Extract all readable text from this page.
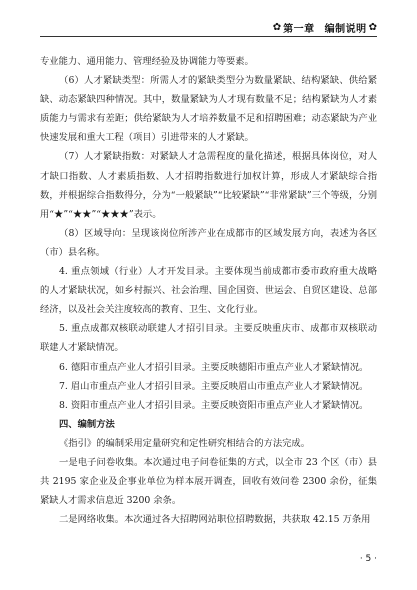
✿ 第一章 编制说明 ✿

专业能力、通用能力、管理经验及协调能力等要素。

（6）人才紧缺类型：所需人才的紧缺类型分为数量紧缺、结构紧缺、供给紧缺、动态紧缺四种情况。其中，数量紧缺为人才现有数量不足；结构紧缺为人才素质能力与需求有差距；供给紧缺为人才培养数量不足和招聘困难；动态紧缺为产业快速发展和重大工程（项目）引进带来的人才紧缺。

（7）人才紧缺指数：对紧缺人才急需程度的量化描述，根据具体岗位，对人才缺口指数、人才素质指数、人才招聘指数进行加权计算，形成人才紧缺综合指数，并根据综合指数得分，分为“一般紧缺”“比较紧缺”“非常紧缺”三个等级，分别用“★”“★★”“★★★”表示。

（8）区域导向：呈现该岗位所涉产业在成都市的区域发展方向，表述为各区（市）县名称。

4. 重点领域（行业）人才开发目录。主要体现当前成都市委市政府重大战略的人才紧缺状况，如乡村振兴、社会治理、国企国资、世运会、自贸区建设、总部经济，以及社会关注度较高的教育、卫生、文化行业。

5. 重点成都双核联动联建人才招引目录。主要反映重庆市、成都市双核联动联建人才紧缺情况。

6. 德阳市重点产业人才招引目录。主要反映德阳市重点产业人才紧缺情况。

7. 眉山市重点产业人才招引目录。主要反映眉山市重点产业人才紧缺情况。

8. 资阳市重点产业人才招引目录。主要反映资阳市重点产业人才紧缺情况。

四、编制方法

《指引》的编制采用定量研究和定性研究相结合的方法完成。

一是电子问卷收集。本次通过电子问卷征集的方式，以全市 23 个区（市）县共 2195 家企业及企事业单位为样本展开调查，回收有效问卷 2300 余份，征集紧缺人才需求信息近 3200 余条。

二是网络收集。本次通过各大招聘网站职位招聘数据，共获取 42.15 万条用

· 5 ·
